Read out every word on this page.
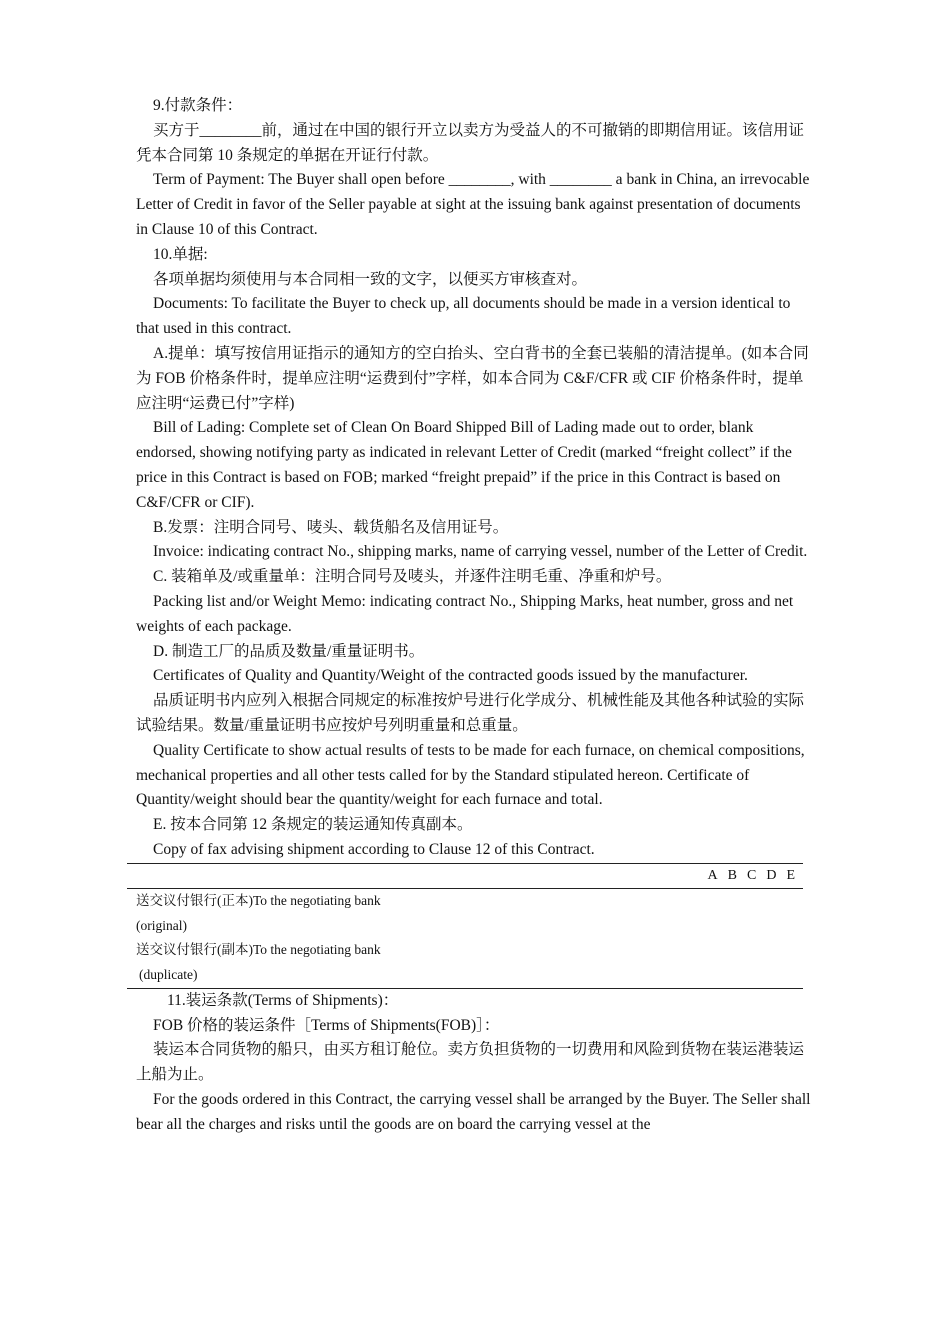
9.付款条件：

买方于________前，通过在中国的银行开立以卖方为受益人的不可撤销的即期信用证。该信用证凭本合同第 10 条规定的单据在开证行付款。

Term of Payment: The Buyer shall open before ________, with ________ a bank in China, an irrevocable Letter of Credit in favor of the Seller payable at sight at the issuing bank against presentation of documents in Clause 10 of this Contract.

10.单据:

各项单据均须使用与本合同相一致的文字，以便买方审核查对。

Documents: To facilitate the Buyer to check up, all documents should be made in a version identical to that used in this contract.

A.提单：填写按信用证指示的通知方的空白抬头、空白背书的全套已装船的清洁提单。(如本合同为 FOB 价格条件时，提单应注明“运费到付”字样，如本合同为 C&F/CFR 或 CIF 价格条件时，提单应注明“运费已付”字样)

Bill of Lading: Complete set of Clean On Board Shipped Bill of Lading made out to order, blank endorsed, showing notifying party as indicated in relevant Letter of Credit (marked “freight collect” if the price in this Contract is based on FOB; marked “freight prepaid” if the price in this Contract is based on C&F/CFR or CIF).

B.发票：注明合同号、唛头、载货船名及信用证号。

Invoice: indicating contract No., shipping marks, name of carrying vessel, number of the Letter of Credit.

C. 装箱单及/或重量单：注明合同号及唛头，并逐件注明毛重、净重和炉号。

Packing list and/or Weight Memo: indicating contract No., Shipping Marks, heat number, gross and net weights of each package.

D. 制造工厂的品质及数量/重量证明书。

Certificates of Quality and Quantity/Weight of the contracted goods issued by the manufacturer.

品质证明书内应列入根据合同规定的标准按炉号进行化学成分、机械性能及其他各种试验的实际试验结果。数量/重量证明书应按炉号列明重量和总重量。

Quality Certificate to show actual results of tests to be made for each furnace, on chemical compositions, mechanical properties and all other tests called for by the Standard stipulated hereon. Certificate of Quantity/weight should bear the quantity/weight for each furnace and total.

E. 按本合同第 12 条规定的装运通知传真副本。

Copy of fax advising shipment according to Clause 12 of this Contract.

A B C D E
送交议付银行(正本)To the negotiating bank
(original)
送交议付银行(副本)To the negotiating bank
(duplicate)

11.装运条款(Terms of Shipments)：

FOB 价格的装运条件［Terms of Shipments(FOB)］：

装运本合同货物的船只，由买方租订舱位。卖方负担货物的一切费用和风险到货物在装运港装运上船为止。

For the goods ordered in this Contract, the carrying vessel shall be arranged by the Buyer. The Seller shall bear all the charges and risks until the goods are on board the carrying vessel at the
